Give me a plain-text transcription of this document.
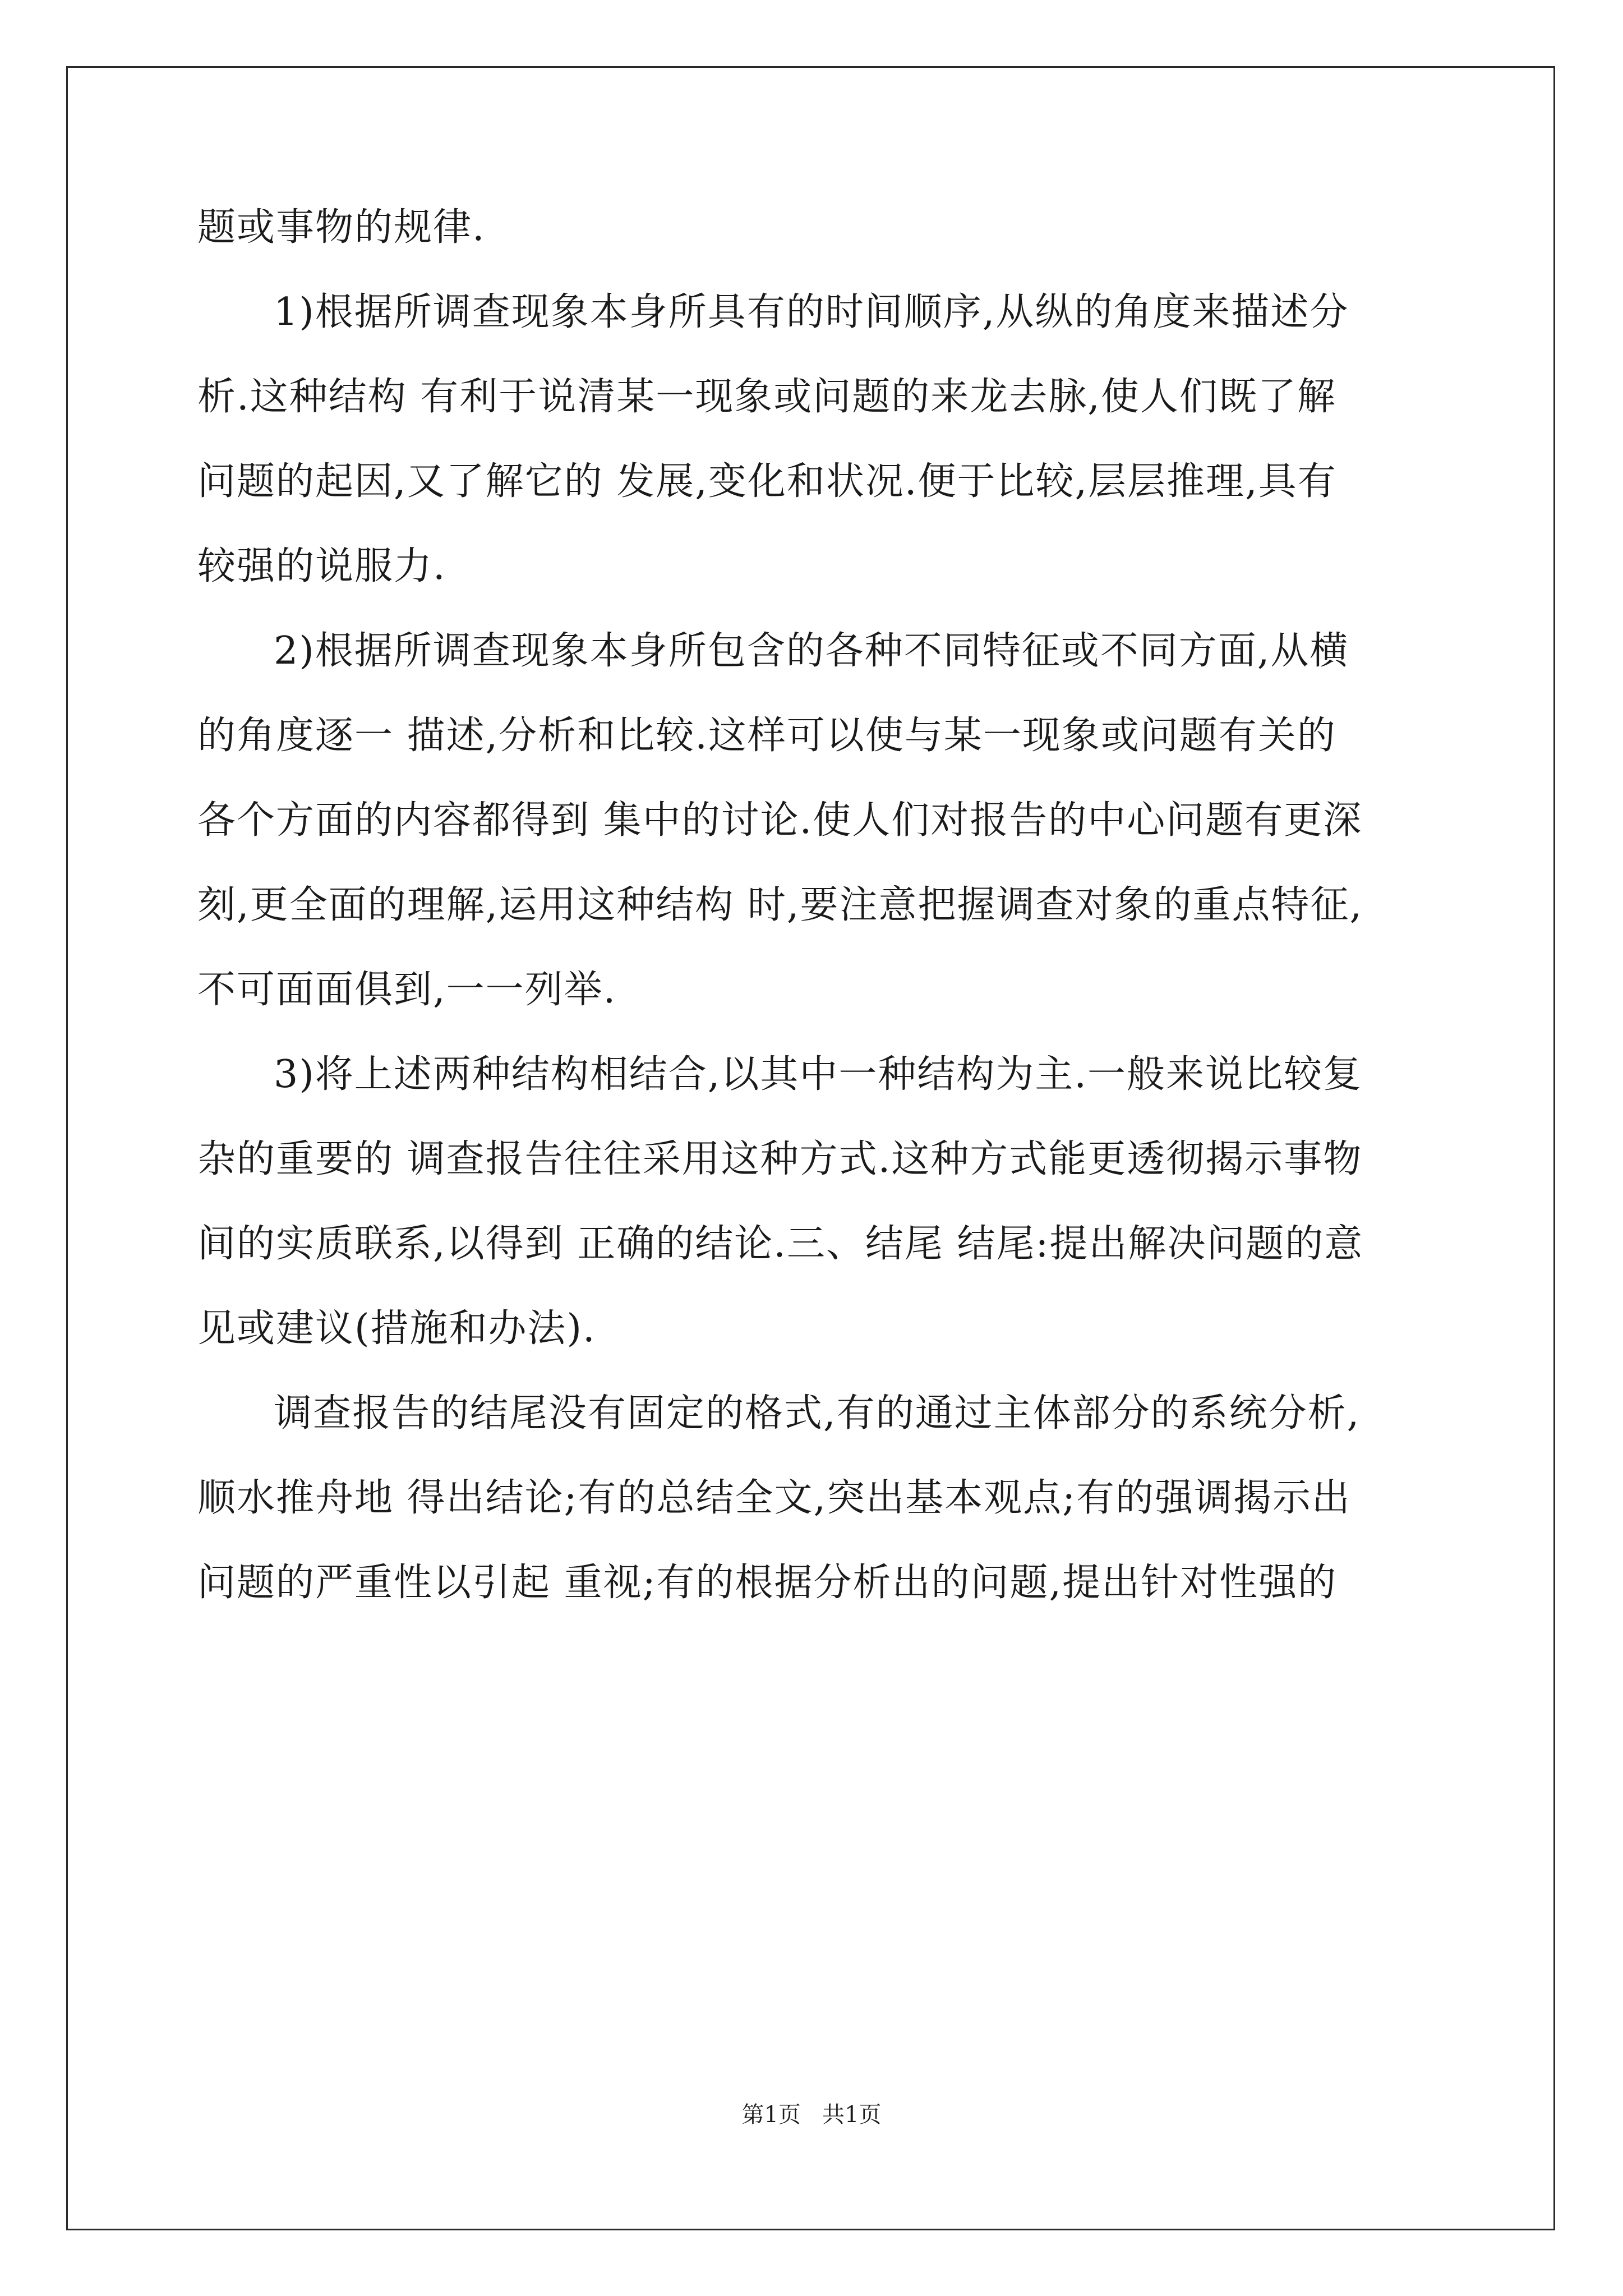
题或事物的规律.
1)根据所调查现象本身所具有的时间顺序,从纵的角度来描述分
析.这种结构 有利于说清某一现象或问题的来龙去脉,使人们既了解
问题的起因,又了解它的 发展,变化和状况.便于比较,层层推理,具有
较强的说服力.
2)根据所调查现象本身所包含的各种不同特征或不同方面,从横
的角度逐一 描述,分析和比较.这样可以使与某一现象或问题有关的
各个方面的内容都得到 集中的讨论.使人们对报告的中心问题有更深
刻,更全面的理解,运用这种结构 时,要注意把握调查对象的重点特征,
不可面面俱到,一一列举.
3)将上述两种结构相结合,以其中一种结构为主.一般来说比较复
杂的重要的 调查报告往往采用这种方式.这种方式能更透彻揭示事物
间的实质联系,以得到 正确的结论.三、结尾 结尾:提出解决问题的意
见或建议(措施和办法).
调查报告的结尾没有固定的格式,有的通过主体部分的系统分析,
顺水推舟地 得出结论;有的总结全文,突出基本观点;有的强调揭示出
问题的严重性以引起 重视;有的根据分析出的问题,提出针对性强的
第1页   共1页
